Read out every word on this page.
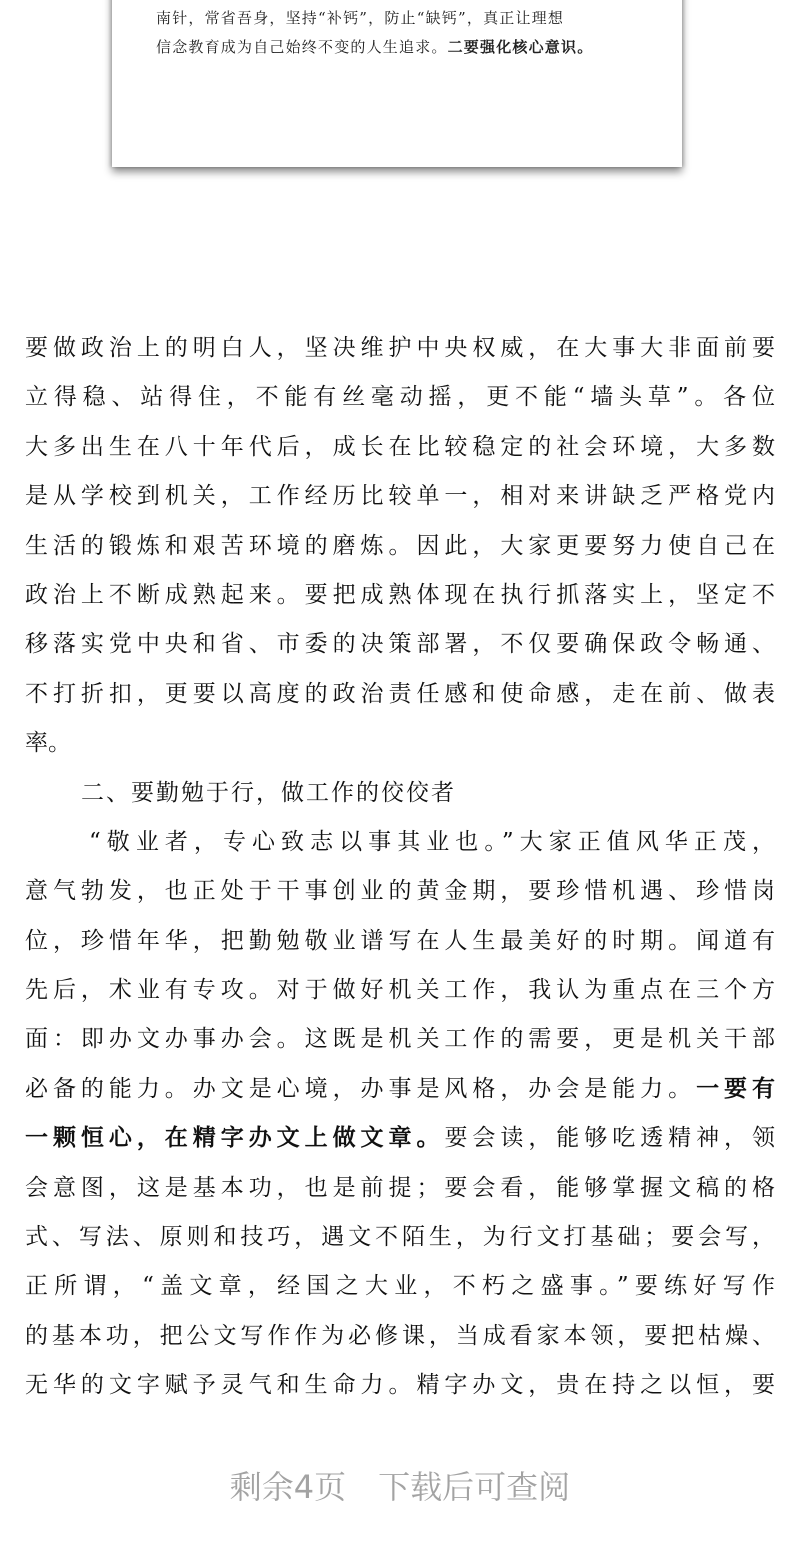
南针，常省吾身，坚持“补钙”，防止“缺钙”，真正让理想
信念教育成为自己始终不变的人生追求。二要强化核心意识。
要做政治上的明白人，坚决维护中央权威，在大事大非面前要
立得稳、站得住，不能有丝毫动摇，更不能“墙头草”。各位
大多出生在八十年代后，成长在比较稳定的社会环境，大多数
是从学校到机关，工作经历比较单一，相对来讲缺乏严格党内
生活的锻炼和艰苦环境的磨炼。因此，大家更要努力使自己在
政治上不断成熟起来。要把成熟体现在执行抓落实上，坚定不
移落实党中央和省、市委的决策部署，不仅要确保政令畅通、
不打折扣，更要以高度的政治责任感和使命感，走在前、做表
率。
二、要勤勉于行，做工作的佼佼者
“敬业者，专心致志以事其业也。”大家正值风华正茂，
意气勃发，也正处于干事创业的黄金期，要珍惜机遇、珍惜岗
位，珍惜年华，把勤勉敬业谱写在人生最美好的时期。闻道有
先后，术业有专攻。对于做好机关工作，我认为重点在三个方
面：即办文办事办会。这既是机关工作的需要，更是机关干部
必备的能力。办文是心境，办事是风格，办会是能力。一要有
一颗恒心，在精字办文上做文章。要会读，能够吃透精神，领
会意图，这是基本功，也是前提；要会看，能够掌握文稿的格
式、写法、原则和技巧，遇文不陌生，为行文打基础；要会写，
正所谓，“盖文章，经国之大业，不朽之盛事。”要练好写作
的基本功，把公文写作作为必修课，当成看家本领，要把枯燥、
无华的文字赋予灵气和生命力。精字办文，贵在持之以恒，要
剩余4页 下载后可查阅
